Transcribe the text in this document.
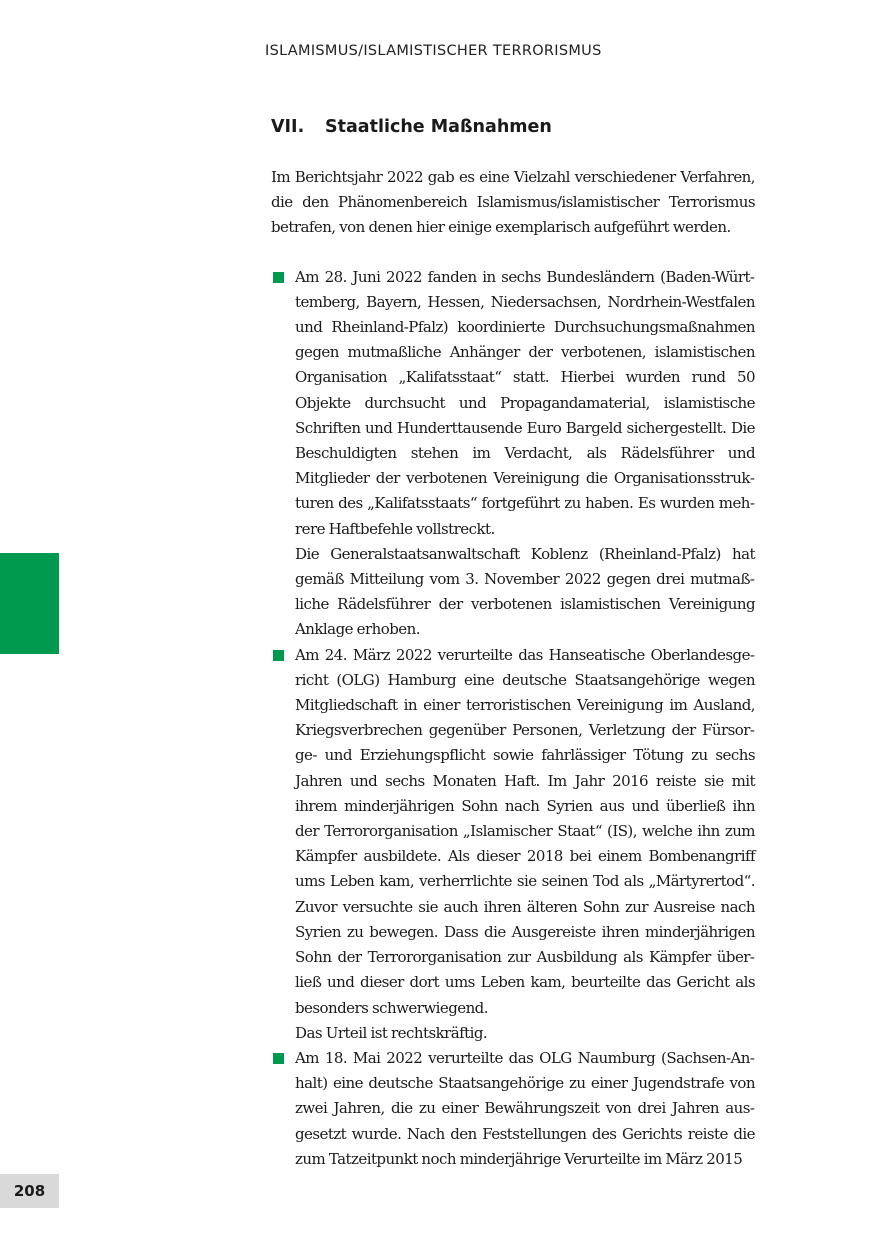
ISLAMISMUS/ISLAMISTISCHER TERRORISMUS
VII. Staatliche Maßnahmen

Im Berichtsjahr 2022 gab es eine Vielzahl verschiedener Verfahren, die den Phänomenbereich Islamismus/islamistischer Terrorismus betrafen, von denen hier einige exemplarisch aufgeführt werden.

Am 28. Juni 2022 fanden in sechs Bundesländern (Baden-Württemberg, Bayern, Hessen, Niedersachsen, Nordrhein-Westfalen und Rheinland-Pfalz) koordinierte Durchsuchungsmaßnahmen gegen mutmaßliche Anhänger der verbotenen, islamistischen Organisation „Kalifatsstaat“ statt. Hierbei wurden rund 50 Objekte durchsucht und Propagandamaterial, islamistische Schriften und Hunderttausende Euro Bargeld sichergestellt. Die Beschuldigten stehen im Verdacht, als Rädelsführer und Mitglieder der verbotenen Vereinigung die Organisationsstrukturen des „Kalifatsstaats“ fortgeführt zu haben. Es wurden mehrere Haftbefehle vollstreckt.

Die Generalstaatsanwaltschaft Koblenz (Rheinland-Pfalz) hat gemäß Mitteilung vom 3. November 2022 gegen drei mutmaßliche Rädelsführer der verbotenen islamistischen Vereinigung Anklage erhoben.

Am 24. März 2022 verurteilte das Hanseatische Oberlandesgericht (OLG) Hamburg eine deutsche Staatsangehörige wegen Mitgliedschaft in einer terroristischen Vereinigung im Ausland, Kriegsverbrechen gegenüber Personen, Verletzung der Fürsorge- und Erziehungspflicht sowie fahrlässiger Tötung zu sechs Jahren und sechs Monaten Haft. Im Jahr 2016 reiste sie mit ihrem minderjährigen Sohn nach Syrien aus und überließ ihn der Terrororganisation „Islamischer Staat“ (IS), welche ihn zum Kämpfer ausbildete. Als dieser 2018 bei einem Bombenangriff ums Leben kam, verherrlichte sie seinen Tod als „Märtyrertod“. Zuvor versuchte sie auch ihren älteren Sohn zur Ausreise nach Syrien zu bewegen. Dass die Ausgereiste ihren minderjährigen Sohn der Terrororganisation zur Ausbildung als Kämpfer überließ und dieser dort ums Leben kam, beurteilte das Gericht als besonders schwerwiegend.

Das Urteil ist rechtskräftig.

Am 18. Mai 2022 verurteilte das OLG Naumburg (Sachsen-Anhalt) eine deutsche Staatsangehörige zu einer Jugendstrafe von zwei Jahren, die zu einer Bewährungszeit von drei Jahren ausgesetzt wurde. Nach den Feststellungen des Gerichts reiste die zum Tatzeitpunkt noch minderjährige Verurteilte im März 2015

208
